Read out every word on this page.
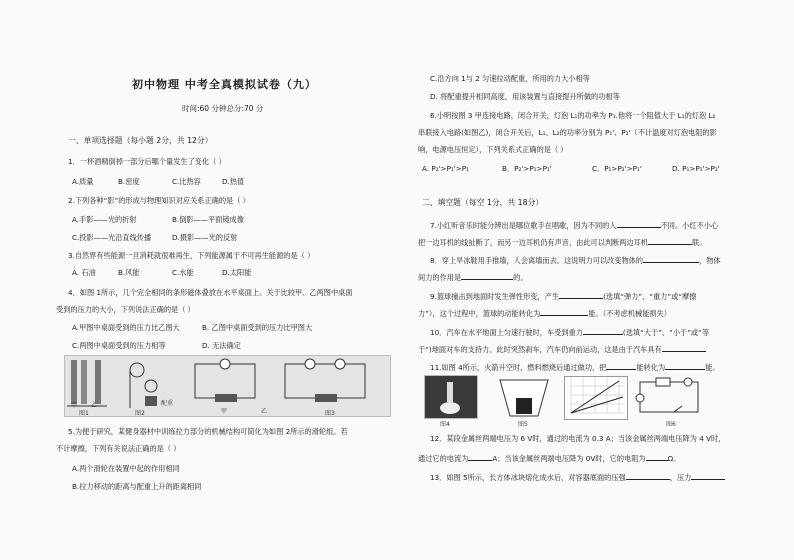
初中物理 中考全真模拟试卷（九）
时间:60 分钟总分:70 分
一、单项选择题（每小题 2分，共 12分）
1．一杯酒精倒掉一部分后哪个量发生了变化（ ）
A.质量	B.密度	C.比热容	D.热值
2.下列各种“影”的形成与物理知识对应关系正确的是（ ）
A.手影——光的折射	B.倒影——平面镜成像
C.投影——光沿直线传播	D.摄影——光的反射
3.自然界有些能源一旦消耗就很难再生，下列能源属于不可再生能源的是（ ）
A. 石油	B.风能	C.水能	D.太阳能
4．如图 1所示，几个完全相同的条形磁体叠放在水平桌面上。关于比较甲、乙两图中桌面
受到的压力的大小，下列说法正确的是（ ）
A.甲图中桌面受到的压力比乙图大	B. 乙图中桌面受到的压力比甲图大
C.两图中桌面受到的压力相等	D. 无法确定
甲 乙
图1	图2
配重
甲	乙	图3
5.为便于研究，某健身器材中训练拉力部分的机械结构可简化为如图 2所示的滑轮组。若
不计摩擦，下列有关说法正确的是（ ）
A.两个滑轮在装置中起的作用相同
B.拉力移动的距离与配重上升的距离相同
C.沿方向 1与 2 匀速拉动配重，所用的力大小相等
D. 将配重提升相同高度，用该装置与直接提升所做的功相等
6.小明按图 3 甲连接电路，闭合开关，灯泡 L₁的功率为 P₁.他将一个阻值大于 L₁的灯泡 L₂
串联接入电路(如图乙)，闭合开关后，L₁、L₂的功率分别为 P₁'、P₂'（不计温度对灯泡电阻的影
响，电源电压恒定），下列关系式正确的是（ ）
A. P₂'>P₁'>P₁	B．P₂'>P₁>P₁'	C．P₁>P₂'>P₁'	D. P₁>P₁'>P₂'
二、填空题（每空 1分，共 18分）
7.小红听音乐时能分辨出是哪位歌手在唱歌，因为不同的人	不同。小红不小心
把一边耳机的线扯断了，而另一边耳机仍有声音，由此可以判断两边耳机	联。
8．穿上旱冰鞋用手推墙，人会离墙而去。这说明力可以改变物体的	，物体
间力的作用是	的。
9.篮球撞击到地面时发生弹性形变，产生	(选填“弹力”、“重力”或“摩擦
力”），这个过程中，篮球的动能转化为	能。（不考虑机械能损失）
10．汽车在水平地面上匀速行驶时，车受到重力	(选填“大于”、“小于”或“等
于”)地面对车的支持力。此时突然刹车，汽车仍向前运动，这是由于汽车具有
11.如图 4所示，火箭升空时，燃料燃烧后通过做功，把	能转化为	能。
图4	图5	图6
12．某段金属丝两端电压为 6 V时，通过的电流为 0.3 A；当该金属丝两端电压降为 4 V时，
通过它的电流为	A；当该金属丝两端电压降为 0V时，它的电阻为	Ω。
13．如图 5所示，长方体冰块熔化成水后，对容器底面的压强	，压力
